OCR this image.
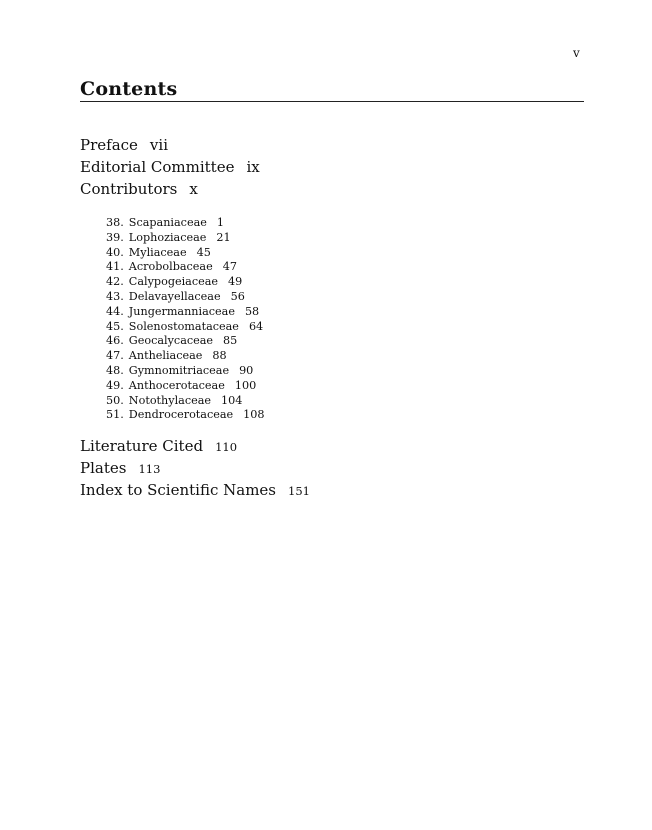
v
Contents
Preface vii
Editorial Committee ix
Contributors x
38. Scapaniaceae 1
39. Lophoziaceae 21
40. Myliaceae 45
41. Acrobolbaceae 47
42. Calypogeiaceae 49
43. Delavayellaceae 56
44. Jungermanniaceae 58
45. Solenostomataceae 64
46. Geocalycaceae 85
47. Antheliaceae 88
48. Gymnomitriaceae 90
49. Anthocerotaceae 100
50. Notothylaceae 104
51. Dendrocerotaceae 108
Literature Cited 110
Plates 113
Index to Scientific Names 151
